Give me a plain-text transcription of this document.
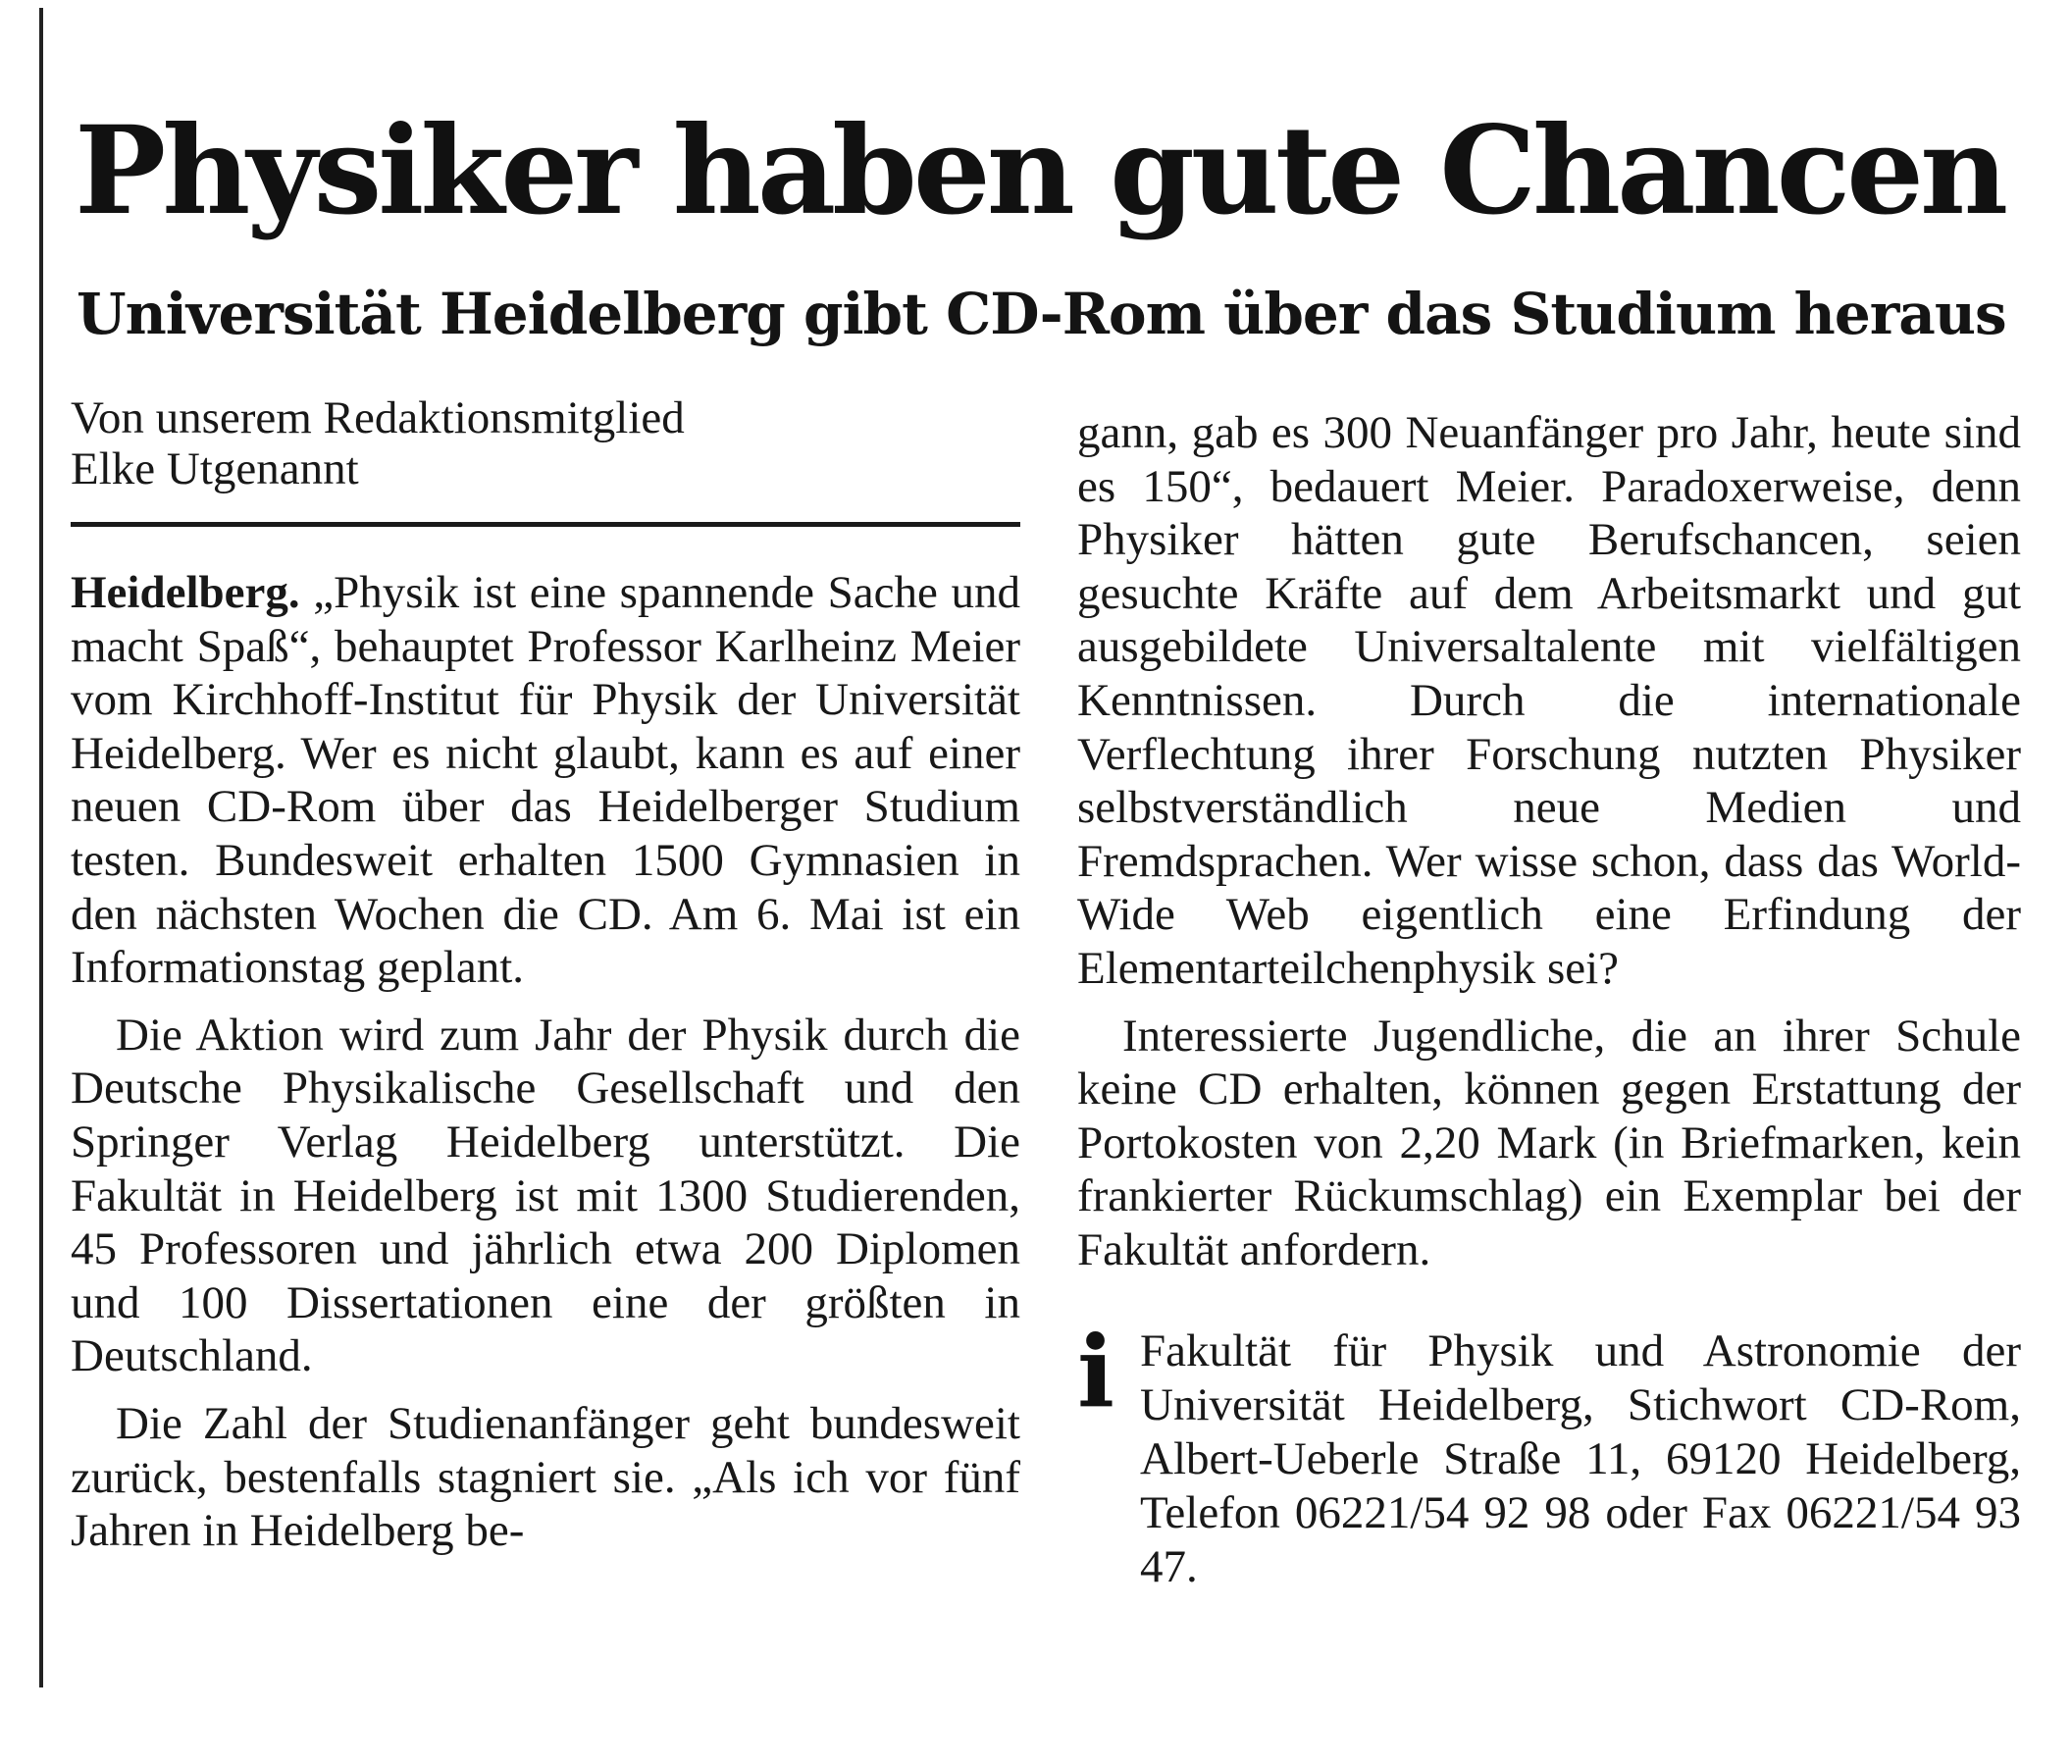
Physiker haben gute Chancen
Universität Heidelberg gibt CD-Rom über das Studium heraus

Von unserem Redaktionsmitglied
Elke Utgenannt

Heidelberg. „Physik ist eine spannende Sache und macht Spaß“, behauptet Professor Karlheinz Meier vom Kirchhoff-Institut für Physik der Universität Heidelberg. Wer es nicht glaubt, kann es auf einer neuen CD-Rom über das Heidelberger Studium testen. Bundesweit erhalten 1500 Gymnasien in den nächsten Wochen die CD. Am 6. Mai ist ein Informationstag geplant.

Die Aktion wird zum Jahr der Physik durch die Deutsche Physikalische Gesellschaft und den Springer Verlag Heidelberg unterstützt. Die Fakultät in Heidelberg ist mit 1300 Studierenden, 45 Professoren und jährlich etwa 200 Diplomen und 100 Dissertationen eine der größten in Deutschland.

Die Zahl der Studienanfänger geht bundesweit zurück, bestenfalls stagniert sie. „Als ich vor fünf Jahren in Heidelberg be-

gann, gab es 300 Neuanfänger pro Jahr, heute sind es 150“, bedauert Meier. Paradoxerweise, denn Physiker hätten gute Berufschancen, seien gesuchte Kräfte auf dem Arbeitsmarkt und gut ausgebildete Universaltalente mit vielfältigen Kenntnissen. Durch die internationale Verflechtung ihrer Forschung nutzten Physiker selbstverständlich neue Medien und Fremdsprachen. Wer wisse schon, dass das World-Wide Web eigentlich eine Erfindung der Elementarteilchenphysik sei?

Interessierte Jugendliche, die an ihrer Schule keine CD erhalten, können gegen Erstattung der Portokosten von 2,20 Mark (in Briefmarken, kein frankierter Rückumschlag) ein Exemplar bei der Fakultät anfordern.

i Fakultät für Physik und Astronomie der Universität Heidelberg, Stichwort CD-Rom, Albert-Ueberle Straße 11, 69120 Heidelberg, Telefon 06221/54 92 98 oder Fax 06221/54 93 47.
